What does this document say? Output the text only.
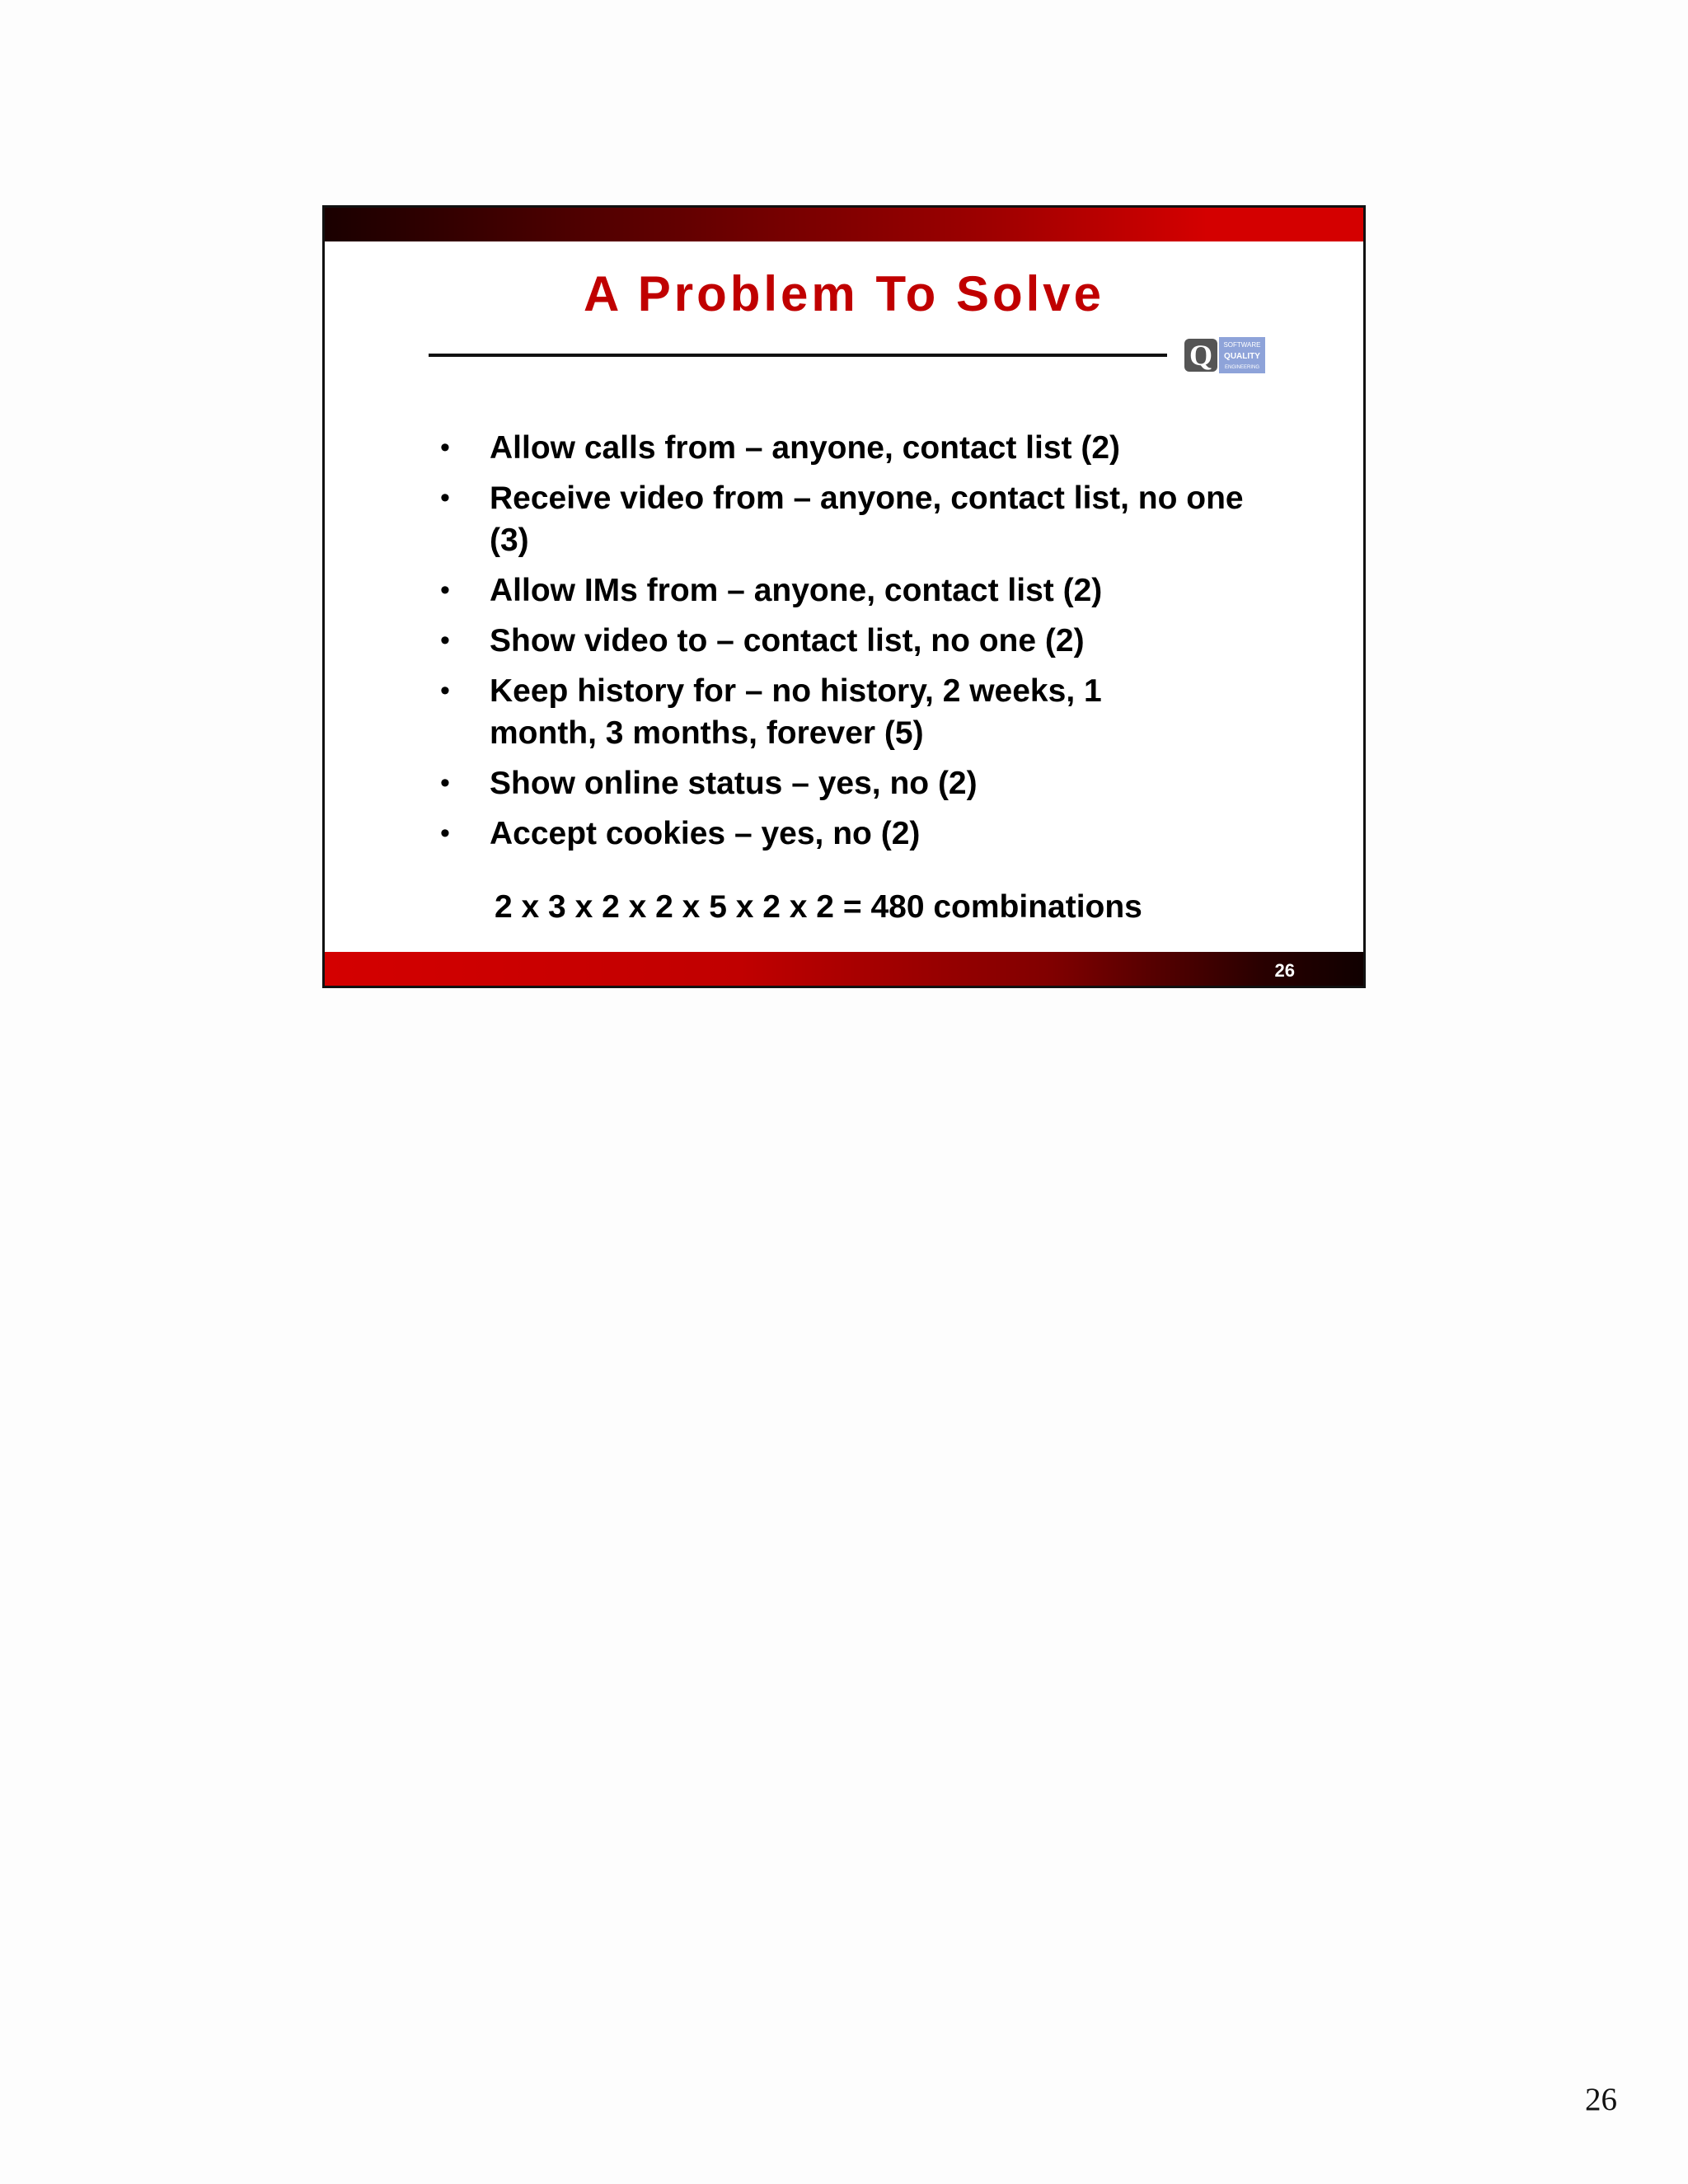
A Problem To Solve
Q SOFTWARE
QUALITY
ENGINEERING
• Allow calls from – anyone, contact list (2)
• Receive video from – anyone, contact list, no one (3)
• Allow IMs from – anyone, contact list (2)
• Show video to – contact list, no one (2)
• Keep history for – no history, 2 weeks, 1 month, 3 months, forever (5)
• Show online status – yes, no (2)
• Accept cookies – yes, no (2)
2 x 3 x 2 x 2 x 5 x 2 x 2 = 480 combinations
26
26
